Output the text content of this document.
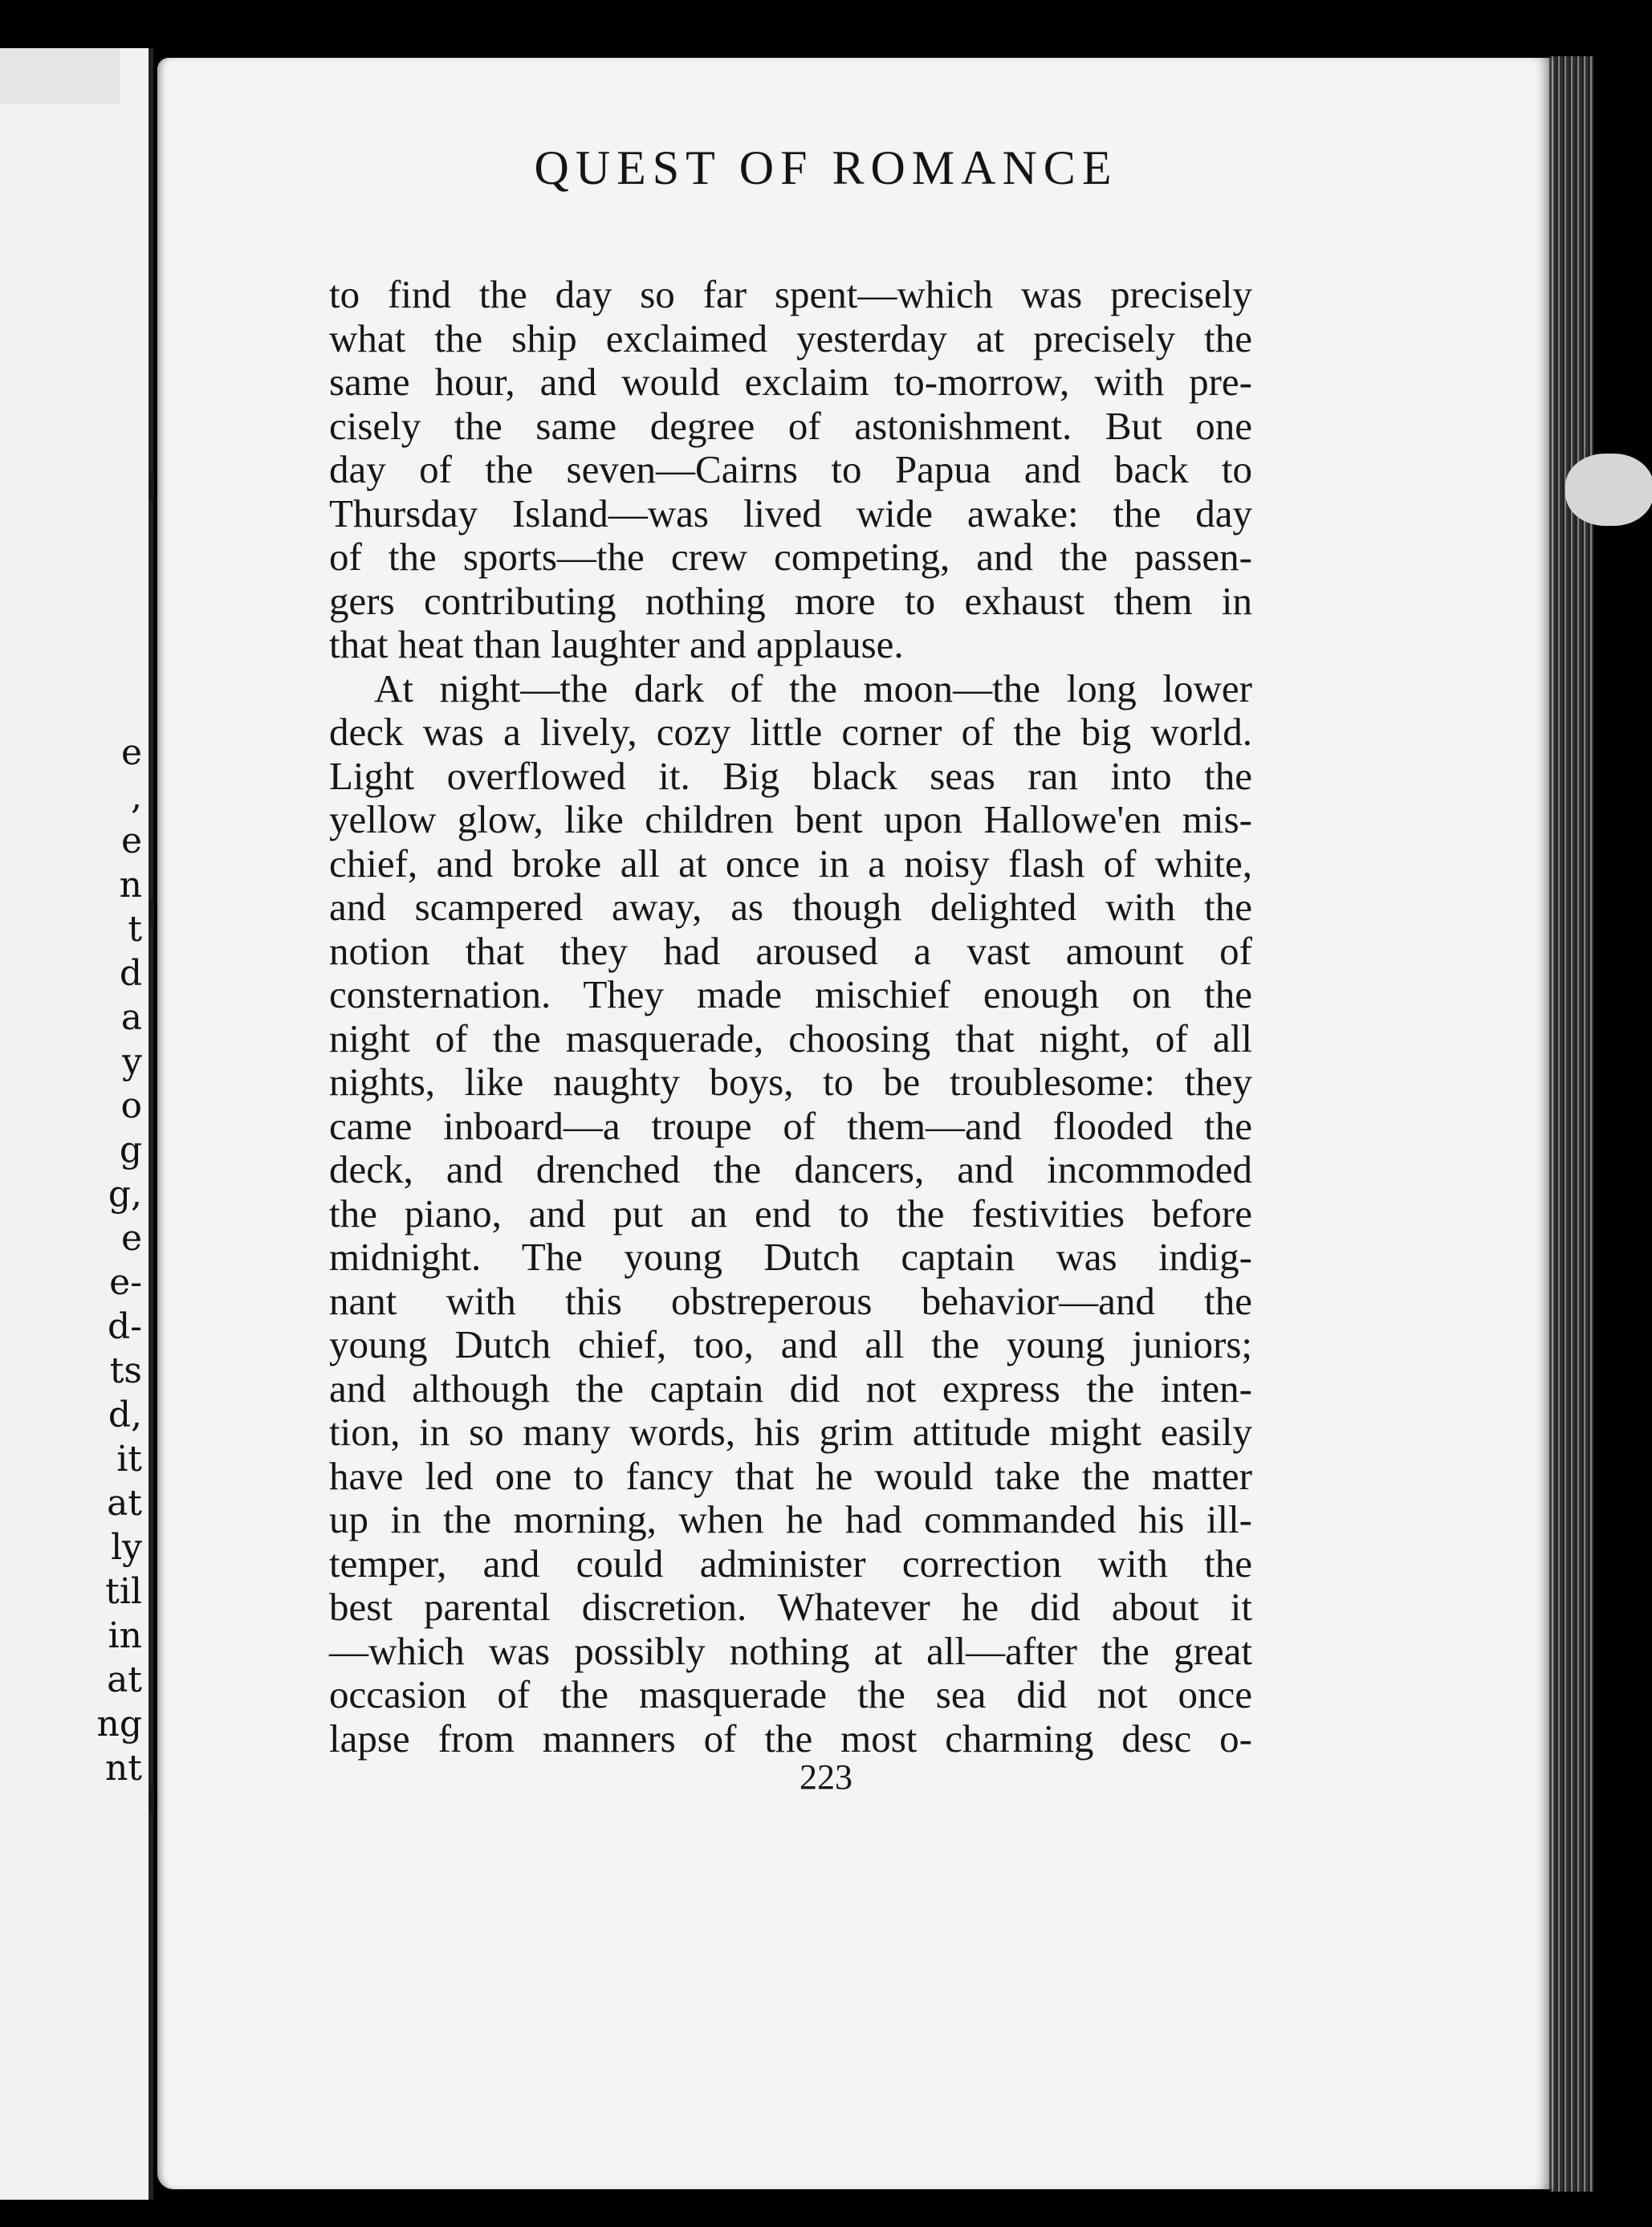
e
,
e
n
t
d
a
y
o
g
g,
e
e-
d-
ts
d,
it
at
ly
til
in
at
ng
nt
QUEST OF ROMANCE
to find the day so far spent—which was precisely
what the ship exclaimed yesterday at precisely the
same hour, and would exclaim to-morrow, with pre-
cisely the same degree of astonishment. But one
day of the seven—Cairns to Papua and back to
Thursday Island—was lived wide awake: the day
of the sports—the crew competing, and the passen-
gers contributing nothing more to exhaust them in
that heat than laughter and applause.
At night—the dark of the moon—the long lower
deck was a lively, cozy little corner of the big world.
Light overflowed it. Big black seas ran into the
yellow glow, like children bent upon Hallowe'en mis-
chief, and broke all at once in a noisy flash of white,
and scampered away, as though delighted with the
notion that they had aroused a vast amount of
consternation. They made mischief enough on the
night of the masquerade, choosing that night, of all
nights, like naughty boys, to be troublesome: they
came inboard—a troupe of them—and flooded the
deck, and drenched the dancers, and incommoded
the piano, and put an end to the festivities before
midnight. The young Dutch captain was indig-
nant with this obstreperous behavior—and the
young Dutch chief, too, and all the young juniors;
and although the captain did not express the inten-
tion, in so many words, his grim attitude might easily
have led one to fancy that he would take the matter
up in the morning, when he had commanded his ill-
temper, and could administer correction with the
best parental discretion. Whatever he did about it
—which was possibly nothing at all—after the great
occasion of the masquerade the sea did not once
lapse from manners of the most charming desc o-
223
